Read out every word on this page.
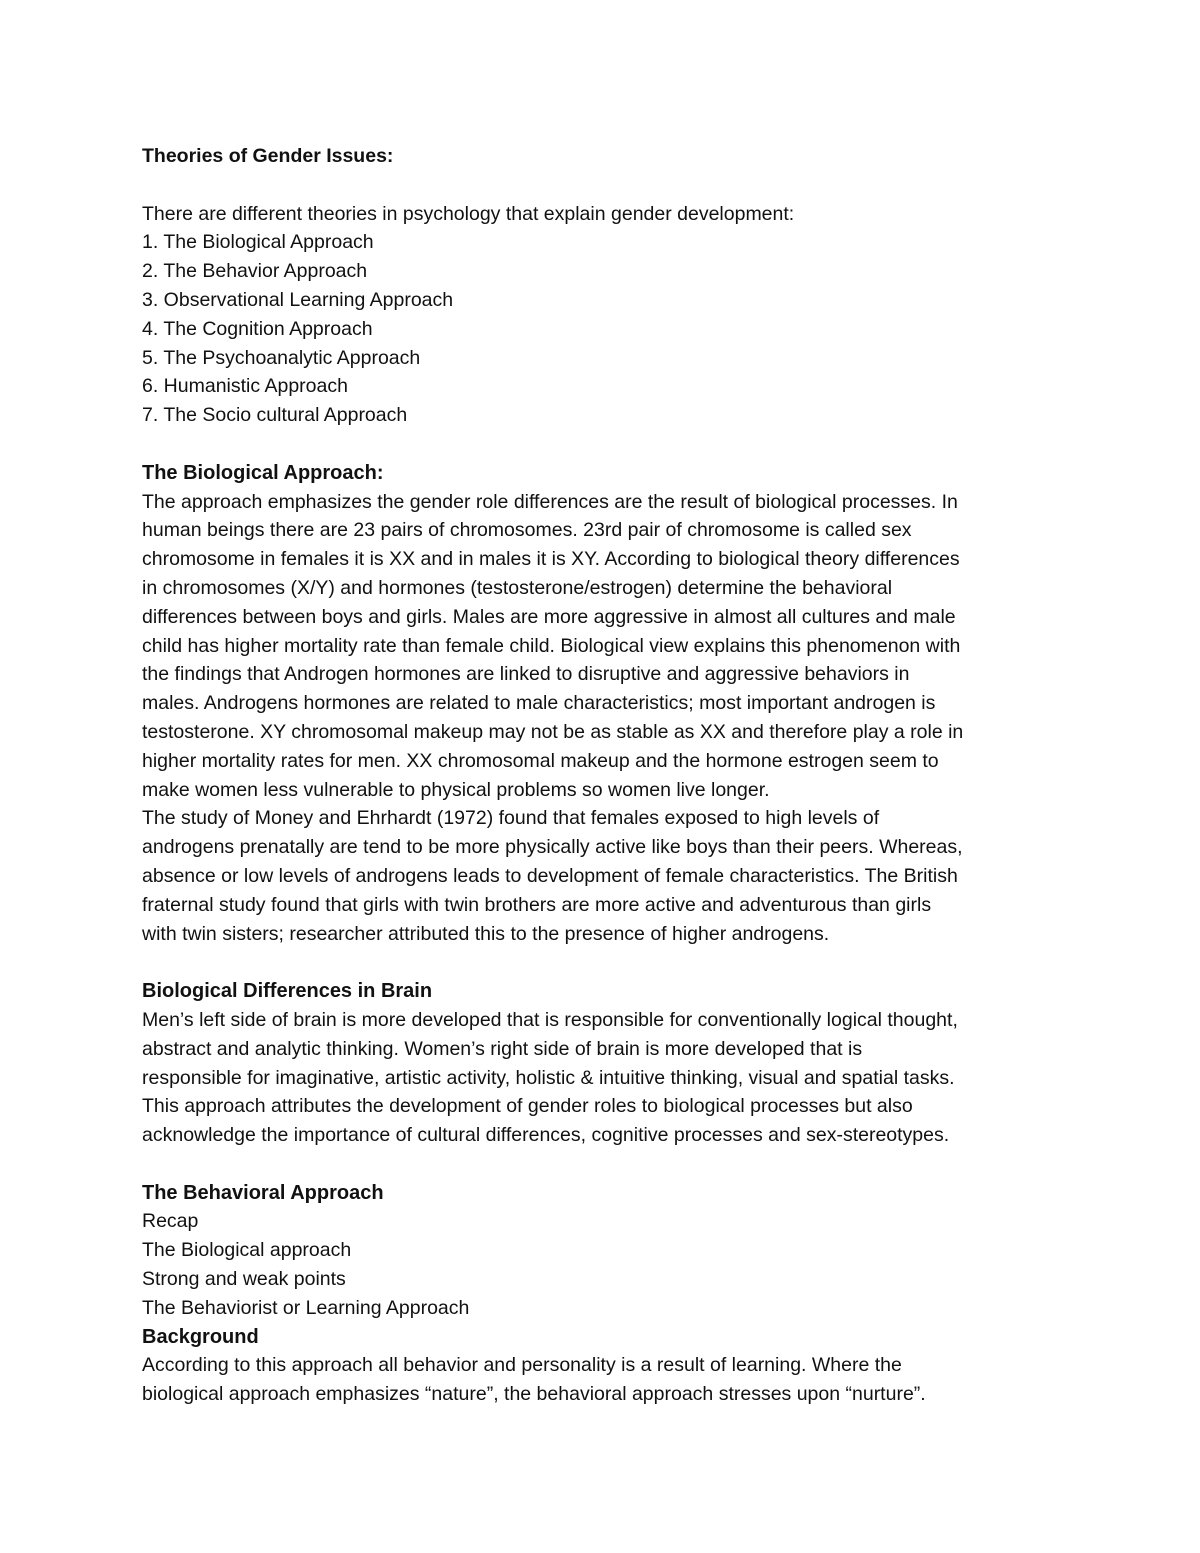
Theories of Gender Issues:

There are different theories in psychology that explain gender development:

1. The Biological Approach
2. The Behavior Approach
3. Observational Learning Approach
4. The Cognition Approach
5. The Psychoanalytic Approach
6. Humanistic Approach
7. The Socio cultural Approach

The Biological Approach:

The approach emphasizes the gender role differences are the result of biological processes. In

human beings there are 23 pairs of chromosomes. 23rd pair of chromosome is called sex

chromosome in females it is XX and in males it is XY. According to biological theory differences

in chromosomes (X/Y) and hormones (testosterone/estrogen) determine the behavioral

differences between boys and girls. Males are more aggressive in almost all cultures and male

child has higher mortality rate than female child. Biological view explains this phenomenon with

the findings that Androgen hormones are linked to disruptive and aggressive behaviors in

males. Androgens hormones are related to male characteristics; most important androgen is

testosterone. XY chromosomal makeup may not be as stable as XX and therefore play a role in

higher mortality rates for men. XX chromosomal makeup and the hormone estrogen seem to

make women less vulnerable to physical problems so women live longer.

The study of Money and Ehrhardt (1972) found that females exposed to high levels of

androgens prenatally are tend to be more physically active like boys than their peers. Whereas,

absence or low levels of androgens leads to development of female characteristics. The British

fraternal study found that girls with twin brothers are more active and adventurous than girls

with twin sisters; researcher attributed this to the presence of higher androgens.

Biological Differences in Brain

Men’s left side of brain is more developed that is responsible for conventionally logical thought,

abstract and analytic thinking. Women’s right side of brain is more developed that is

responsible for imaginative, artistic activity, holistic & intuitive thinking, visual and spatial tasks.

This approach attributes the development of gender roles to biological processes but also

acknowledge the importance of cultural differences, cognitive processes and sex-stereotypes.

The Behavioral Approach

Recap

The Biological approach

Strong and weak points

The Behaviorist or Learning Approach

Background

According to this approach all behavior and personality is a result of learning. Where the

biological approach emphasizes “nature”, the behavioral approach stresses upon “nurture”.
